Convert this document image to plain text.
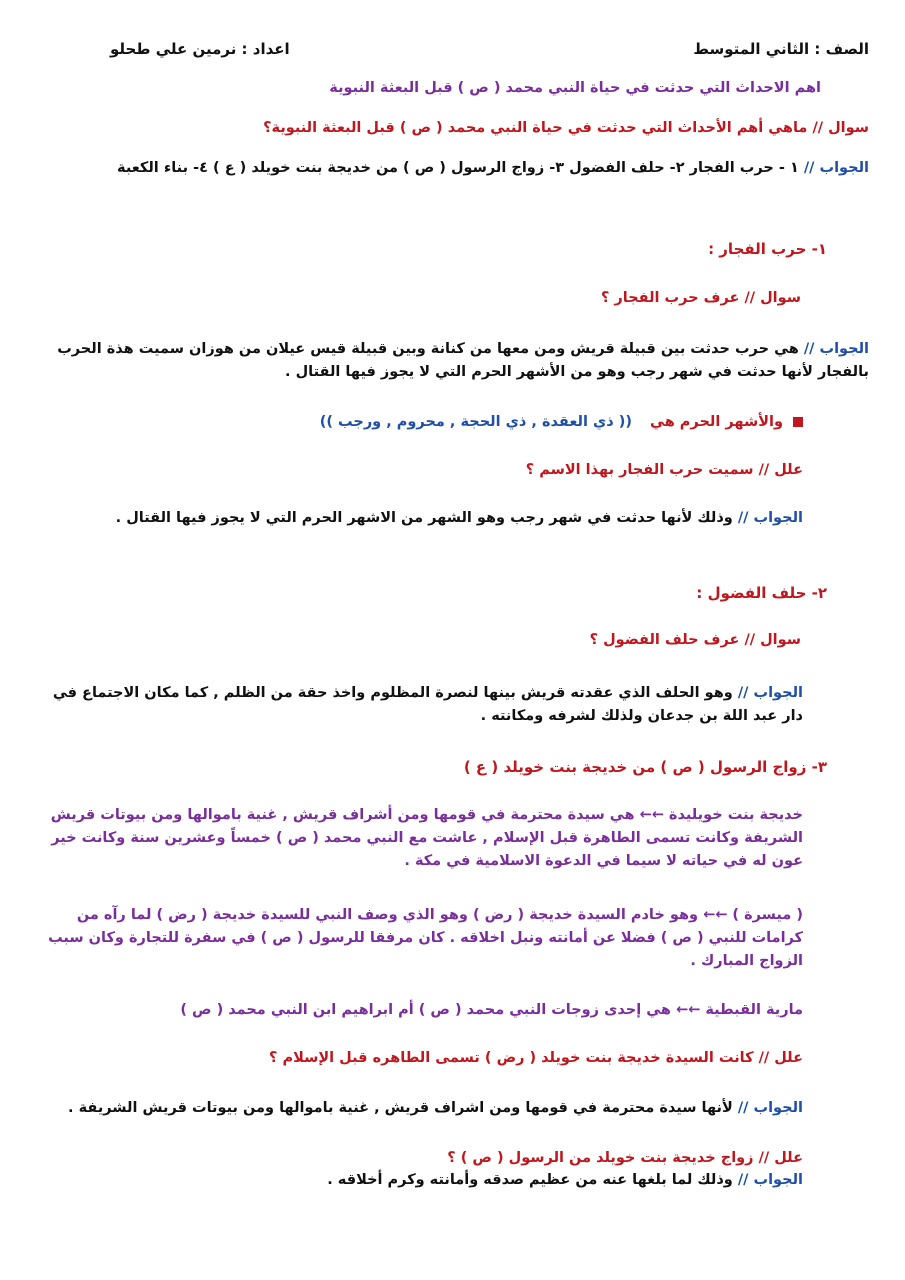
الصف : الثاني المتوسط
اعداد : نرمين علي طحلو
اهم الاحداث التي حدثت في حياة النبي محمد ( ص ) قبل البعثة النبوية
سوال // ماهي أهم الأحداث التي حدثت في حياة النبي محمد ( ص ) قبل البعثة النبوية؟
الجواب // ١ - حرب الفجار ٢- حلف الفضول ٣- زواج الرسول ( ص ) من خديجة بنت خويلد ( ع ) ٤- بناء الكعبة
١- حرب الفجار :
سوال // عرف حرب الفجار ؟
الجواب // هي حرب حدثت بين قبيلة قريش ومن معها من كنانة وبين قبيلة قيس عيلان من هوزان سميت هذة الحرب بالفجار لأنها حدثت في شهر رجب وهو من الأشهر الحرم التي لا يجوز فيها القتال .
والأشهر الحرم هي(( ذي العقدة , ذي الحجة , محروم , ورجب ))
علل // سميت حرب الفجار بهذا الاسم ؟
الجواب // وذلك لأنها حدثت في شهر رجب وهو الشهر من الاشهر الحرم التي لا يجوز فيها القتال .
٢- حلف الفضول :
سوال // عرف حلف الفضول ؟
الجواب // وهو الحلف الذي عقدته قريش بينها لنصرة المظلوم واخذ حقة من الظلم , كما مكان الاجتماع في دار عبد اللة بن جدعان ولذلك لشرفه ومكانته .
٣- زواج الرسول ( ص ) من خديجة بنت خويلد ( ع )
خديجة بنت خويليدة ←← هي سيدة محترمة في قومها ومن أشراف قريش , غنية باموالها ومن بيوتات قريش الشريفة وكانت تسمى الطاهرة قبل الإسلام , عاشت مع النبي محمد ( ص ) خمساً وعشرين سنة وكانت خير عون له في حياته لا سيما في الدعوة الاسلامية في مكة .
( ميسرة ) ←← وهو خادم السيدة خديجة ( رض ) وهو الذي وصف النبي للسيدة خديجة ( رض ) لما رآه من كرامات للنبي ( ص ) فضلا عن أمانته ونبل اخلاقه . كان مرفقا للرسول ( ص ) في سفرة للتجارة وكان سبب الزواج المبارك .
مارية القبطية ←← هي إحدى زوجات النبي محمد ( ص ) أم ابراهيم ابن النبي محمد ( ص )
علل // كانت السيدة خديجة بنت خويلد ( رض ) تسمى الطاهره قبل الإسلام ؟
الجواب // لأنها سيدة محترمة في قومها ومن اشراف قريش , غنية باموالها ومن بيوتات قريش الشريفة .
علل // زواج خديجة بنت خويلد من الرسول ( ص ) ؟
الجواب // وذلك لما بلغها عنه من عظيم صدقه وأمانته وكرم أخلاقه .
